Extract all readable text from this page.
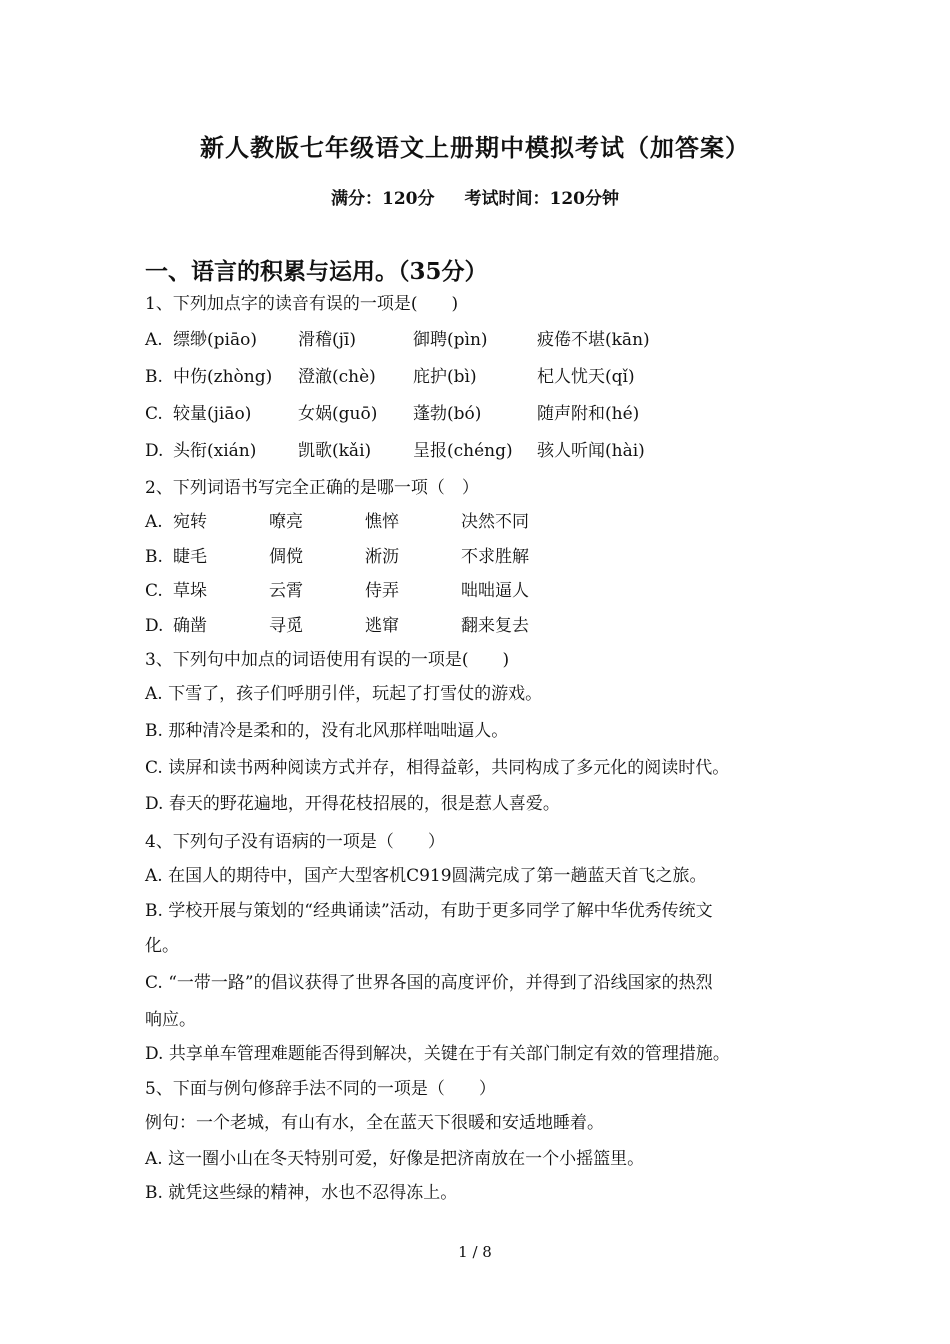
新人教版七年级语文上册期中模拟考试（加答案）
满分：120分 考试时间：120分钟
一、语言的积累与运用。（35分）
1、下列加点字的读音有误的一项是(　　)
A. 缥缈(piāo)	滑稽(jī)	御聘(pìn)	疲倦不堪(kān)
B. 中伤(zhòng)	澄澈(chè)	庇护(bì)	杞人忧天(qǐ)
C. 较量(jiāo)	女娲(guō)	蓬勃(bó)	随声附和(hé)
D. 头衔(xián)	凯歌(kǎi)	呈报(chéng)	骇人听闻(hài)
2、下列词语书写完全正确的是哪一项（　）
A. 宛转	嘹亮	憔悴	决然不同
B. 睫毛	倜傥	淅沥	不求胜解
C. 草垛	云霄	侍弄	咄咄逼人
D. 确凿	寻觅	逃窜	翻来复去
3、下列句中加点的词语使用有误的一项是(　　)
A. 下雪了，孩子们呼朋引伴，玩起了打雪仗的游戏。
B. 那种清冷是柔和的，没有北风那样咄咄逼人。
C. 读屏和读书两种阅读方式并存，相得益彰，共同构成了多元化的阅读时代。
D. 春天的野花遍地，开得花枝招展的，很是惹人喜爱。
4、下列句子没有语病的一项是（　　）
A. 在国人的期待中，国产大型客机C919圆满完成了第一趟蓝天首飞之旅。
B. 学校开展与策划的“经典诵读”活动，有助于更多同学了解中华优秀传统文
化。
C. “一带一路”的倡议获得了世界各国的高度评价，并得到了沿线国家的热烈
响应。
D. 共享单车管理难题能否得到解决，关键在于有关部门制定有效的管理措施。
5、下面与例句修辞手法不同的一项是（　　）
例句：一个老城，有山有水，全在蓝天下很暖和安适地睡着。
A. 这一圈小山在冬天特别可爱，好像是把济南放在一个小摇篮里。
B. 就凭这些绿的精神，水也不忍得冻上。
1 / 8
